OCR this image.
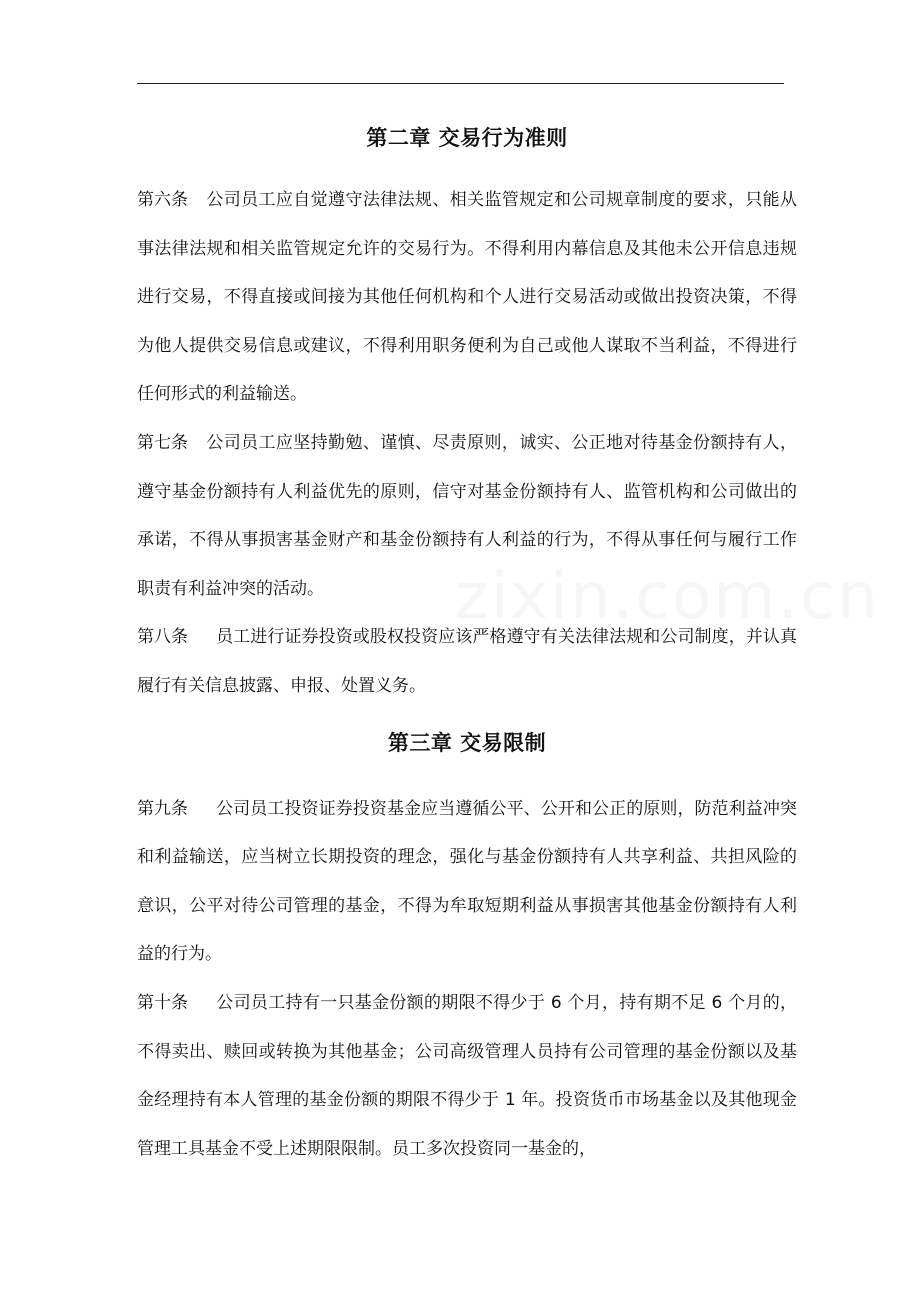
zixin.com.cn
第二章 交易行为准则

第六条 公司员工应自觉遵守法律法规、相关监管规定和公司规章制度的要求，只能从事法律法规和相关监管规定允许的交易行为。不得利用内幕信息及其他未公开信息违规进行交易，不得直接或间接为其他任何机构和个人进行交易活动或做出投资决策，不得为他人提供交易信息或建议，不得利用职务便利为自己或他人谋取不当利益，不得进行任何形式的利益输送。

第七条 公司员工应坚持勤勉、谨慎、尽责原则，诚实、公正地对待基金份额持有人，遵守基金份额持有人利益优先的原则，信守对基金份额持有人、监管机构和公司做出的承诺，不得从事损害基金财产和基金份额持有人利益的行为，不得从事任何与履行工作职责有利益冲突的活动。

第八条 员工进行证券投资或股权投资应该严格遵守有关法律法规和公司制度，并认真履行有关信息披露、申报、处置义务。

第三章 交易限制

第九条 公司员工投资证券投资基金应当遵循公平、公开和公正的原则，防范利益冲突和利益输送，应当树立长期投资的理念，强化与基金份额持有人共享利益、共担风险的意识，公平对待公司管理的基金，不得为牟取短期利益从事损害其他基金份额持有人利益的行为。

第十条 公司员工持有一只基金份额的期限不得少于 6 个月，持有期不足 6 个月的，不得卖出、赎回或转换为其他基金；公司高级管理人员持有公司管理的基金份额以及基金经理持有本人管理的基金份额的期限不得少于 1 年。投资货币市场基金以及其他现金管理工具基金不受上述期限限制。员工多次投资同一基金的，
